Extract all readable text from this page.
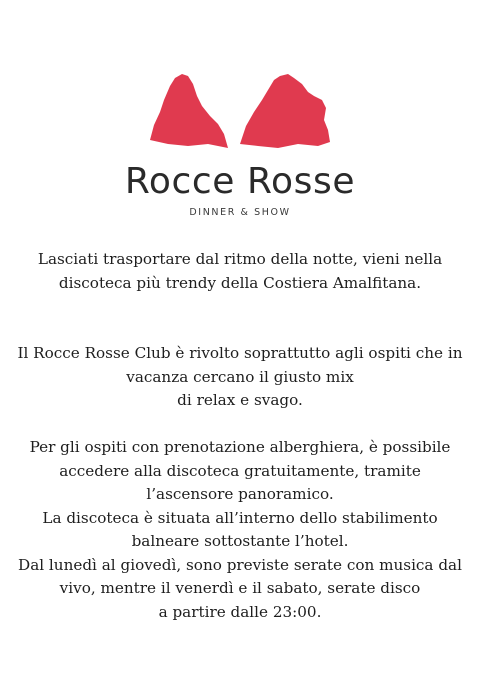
Rocce Rosse
DINNER & SHOW
Lasciati trasportare dal ritmo della notte, vieni nella
discoteca più trendy della Costiera Amalfitana.
Il Rocce Rosse Club è rivolto soprattutto agli ospiti che in
vacanza cercano il giusto mix
di relax e svago.
Per gli ospiti con prenotazione alberghiera, è possibile
accedere alla discoteca gratuitamente, tramite
l’ascensore panoramico.
La discoteca è situata all’interno dello stabilimento
balneare sottostante l’hotel.
Dal lunedì al giovedì, sono previste serate con musica dal
vivo, mentre il venerdì e il sabato, serate disco
a partire dalle 23:00.
